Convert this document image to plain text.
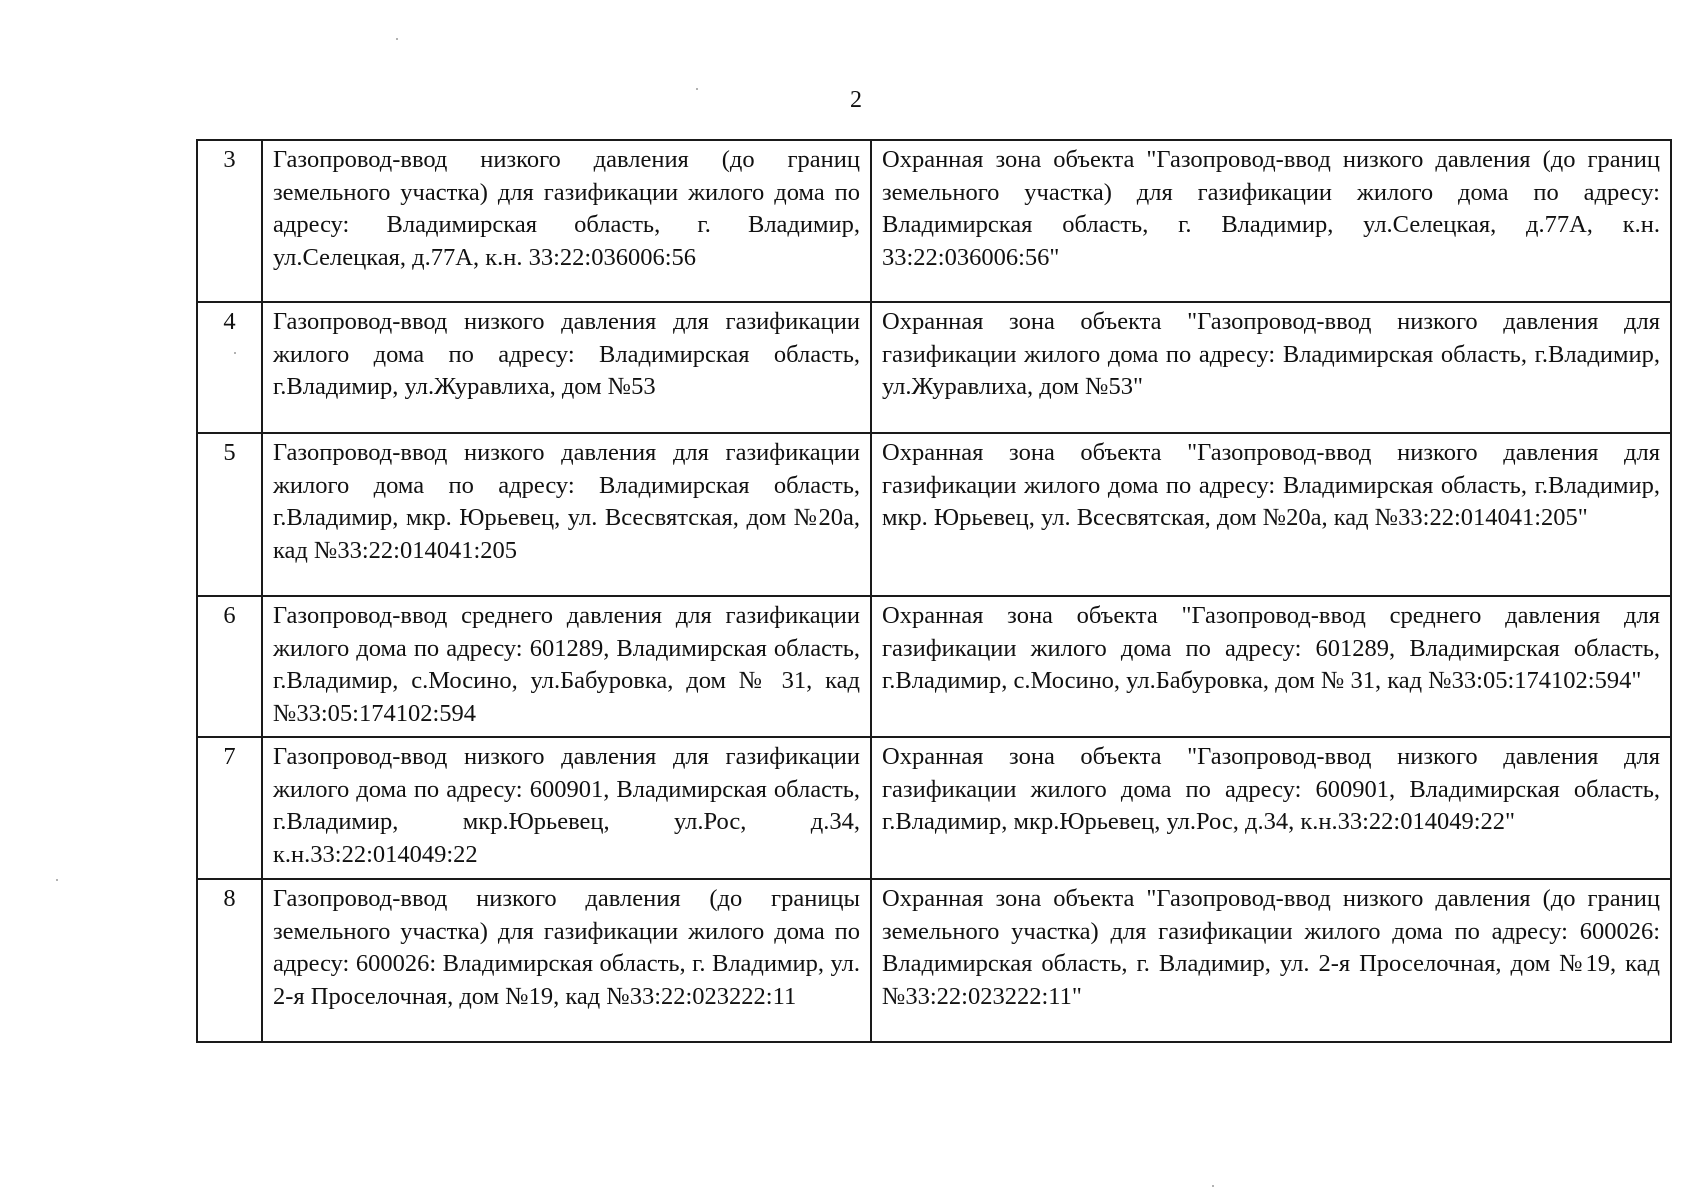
2
3	Газопровод-ввод низкого давления (до границ земельного участка) для газификации жилого дома по адресу: Владимирская область, г. Владимир, ул.Селецкая, д.77А, к.н. 33:22:036006:56	Охранная зона объекта "Газопровод-ввод низкого давления (до границ земельного участка) для газификации жилого дома по адресу: Владимирская область, г. Владимир, ул.Селецкая, д.77А, к.н. 33:22:036006:56"
4	Газопровод-ввод низкого давления для газификации жилого дома по адресу: Владимирская область, г.Владимир, ул.Журавлиха, дом №53	Охранная зона объекта "Газопровод-ввод низкого давления для газификации жилого дома по адресу: Владимирская область, г.Владимир, ул.Журавлиха, дом №53"
5	Газопровод-ввод низкого давления для газификации жилого дома по адресу: Владимирская область, г.Владимир, мкр. Юрьевец, ул. Всесвятская, дом №20а, кад №33:22:014041:205	Охранная зона объекта "Газопровод-ввод низкого давления для газификации жилого дома по адресу: Владимирская область, г.Владимир, мкр. Юрьевец, ул. Всесвятская, дом №20а, кад №33:22:014041:205"
6	Газопровод-ввод среднего давления для газификации жилого дома по адресу: 601289, Владимирская область, г.Владимир, с.Мосино, ул.Бабуровка, дом № 31, кад №33:05:174102:594	Охранная зона объекта "Газопровод-ввод среднего давления для газификации жилого дома по адресу: 601289, Владимирская область, г.Владимир, с.Мосино, ул.Бабуровка, дом № 31, кад №33:05:174102:594"
7	Газопровод-ввод низкого давления для газификации жилого дома по адресу: 600901, Владимирская область, г.Владимир, мкр.Юрьевец, ул.Рос, д.34, к.н.33:22:014049:22	Охранная зона объекта "Газопровод-ввод низкого давления для газификации жилого дома по адресу: 600901, Владимирская область, г.Владимир, мкр.Юрьевец, ул.Рос, д.34, к.н.33:22:014049:22"
8	Газопровод-ввод низкого давления (до границы земельного участка) для газификации жилого дома по адресу: 600026: Владимирская область, г. Владимир, ул. 2-я Проселочная, дом №19, кад №33:22:023222:11	Охранная зона объекта "Газопровод-ввод низкого давления (до границ земельного участка) для газификации жилого дома по адресу: 600026: Владимирская область, г. Владимир, ул. 2-я Проселочная, дом №19, кад №33:22:023222:11"
